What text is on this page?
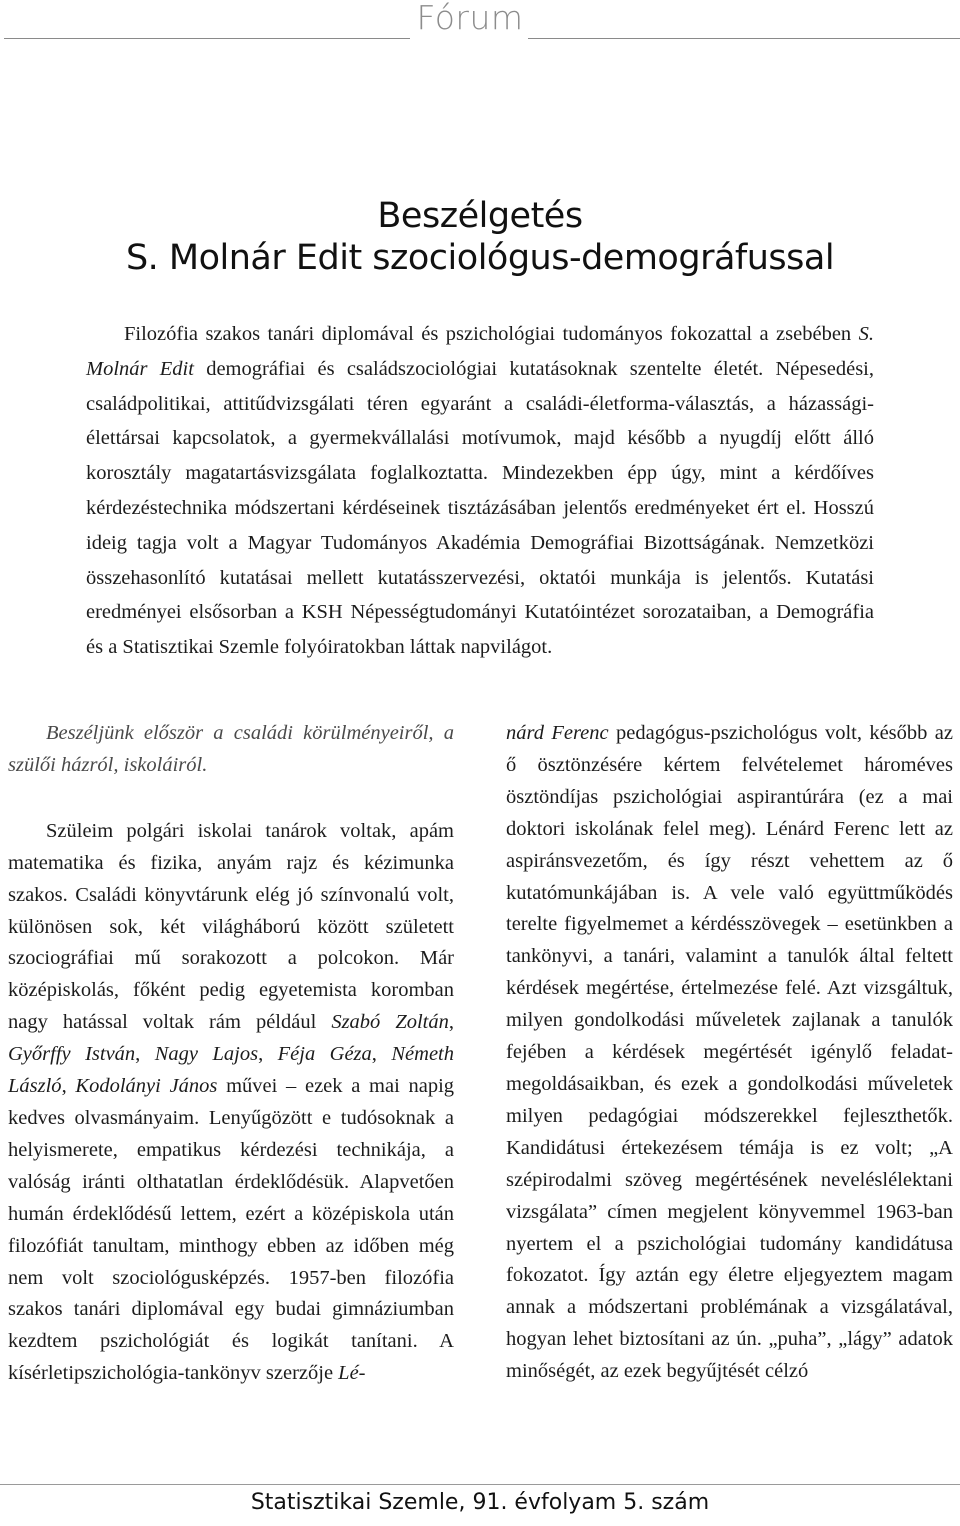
Fórum
Beszélgetés
S. Molnár Edit szociológus-demográfussal

Filozófia szakos tanári diplomával és pszichológiai tudományos fokozattal a zsebében S. Molnár Edit demográfiai és családszociológiai kutatásoknak szentelte életét. Népesedési, családpolitikai, attitűdvizsgálati téren egyaránt a családi-életforma-választás, a házassági-élettársai kapcsolatok, a gyermekvállalási motívumok, majd később a nyugdíj előtt álló korosztály magatartásvizsgálata foglalkoztatta. Mindezekben épp úgy, mint a kérdőíves kérdezéstechnika módszertani kérdéseinek tisztázásában jelentős eredményeket ért el. Hosszú ideig tagja volt a Magyar Tudományos Akadémia Demográfiai Bizottságának. Nemzetközi összehasonlító kutatásai mellett kutatásszervezési, oktatói munkája is jelentős. Kutatási eredményei elsősorban a KSH Népességtudományi Kutatóintézet sorozataiban, a Demográfia és a Statisztikai Szemle folyóiratokban láttak napvilágot.

Beszéljünk először a családi körülményeiről, a szülői házról, iskoláiról.

Szüleim polgári iskolai tanárok voltak, apám matematika és fizika, anyám rajz és kézimunka szakos. Családi könyvtárunk elég jó színvonalú volt, különösen sok, két világháború között született szociográfiai mű sorakozott a polcokon. Már középiskolás, főként pedig egyetemista koromban nagy hatással voltak rám például Szabó Zoltán, Győrffy István, Nagy Lajos, Féja Géza, Németh László, Kodolányi János művei – ezek a mai napig kedves olvasmányaim. Lenyűgözött e tudósoknak a helyismerete, empatikus kérdezési technikája, a valóság iránti olthatatlan érdeklődésük. Alapvetően humán érdeklődésű lettem, ezért a középiskola után filozófiát tanultam, minthogy ebben az időben még nem volt szociológusképzés. 1957-ben filozófia szakos tanári diplomával egy budai gimnáziumban kezdtem pszichológiát és logikát tanítani. A kísérletipszichológia-tankönyv szerzője Lé-

nárd Ferenc pedagógus-pszichológus volt, később az ő ösztönzésére kértem felvételemet hároméves ösztöndíjas pszichológiai aspirantúrára (ez a mai doktori iskolának felel meg). Lénárd Ferenc lett az aspiránsvezetőm, és így részt vehettem az ő kutatómunkájában is. A vele való együttműködés terelte figyelmemet a kérdésszövegek – esetünkben a tankönyvi, a tanári, valamint a tanulók által feltett kérdések megértése, értelmezése felé. Azt vizsgáltuk, milyen gondolkodási műveletek zajlanak a tanulók fejében a kérdések megértését igénylő feladat-megoldásaikban, és ezek a gondolkodási műveletek milyen pedagógiai módszerekkel fejleszthetők. Kandidátusi értekezésem témája is ez volt; „A szépirodalmi szöveg megértésének neveléslélektani vizsgálata” címen megjelent könyvemmel 1963-ban nyertem el a pszichológiai tudomány kandidátusa fokozatot. Így aztán egy életre eljegyeztem magam annak a módszertani problémának a vizsgálatával, hogyan lehet biztosítani az ún. „puha”, „lágy” adatok minőségét, az ezek begyűjtését célzó

Statisztikai Szemle, 91. évfolyam 5. szám
